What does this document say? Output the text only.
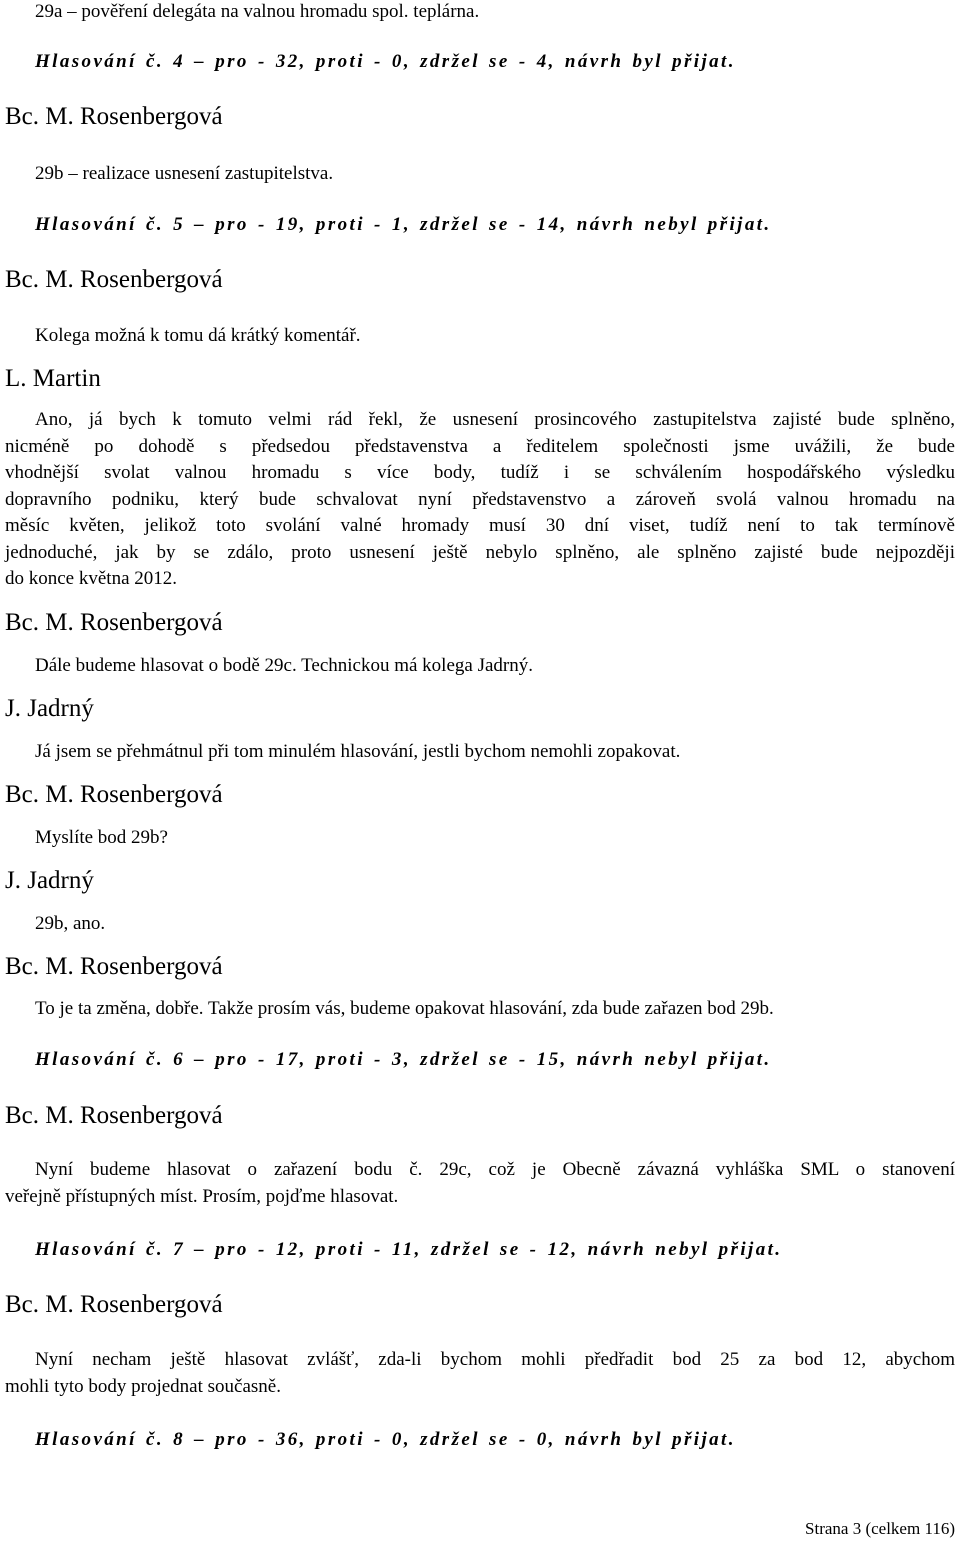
29a – pověření delegáta na valnou hromadu spol. teplárna.
Hlasování č. 4 – pro - 32, proti - 0, zdržel se - 4, návrh byl přijat.
Bc. M. Rosenbergová
29b – realizace usnesení zastupitelstva.
Hlasování č. 5 – pro - 19, proti - 1, zdržel se - 14, návrh nebyl přijat.
Bc. M. Rosenbergová
Kolega možná k tomu dá krátký komentář.
L. Martin

Ano, já bych k tomuto velmi rád řekl, že usnesení prosincového zastupitelstva zajisté bude splněno,

nicméně po dohodě s předsedou představenstva a ředitelem společnosti jsme uvážili, že bude

vhodnější svolat valnou hromadu s více body, tudíž i se schválením hospodářského výsledku

dopravního podniku, který bude schvalovat nyní představenstvo a zároveň svolá valnou hromadu na

měsíc květen, jelikož toto svolání valné hromady musí 30 dní viset, tudíž není to tak termínově

jednoduché, jak by se zdálo, proto usnesení ještě nebylo splněno, ale splněno zajisté bude nejpozději

do konce května 2012.

Bc. M. Rosenbergová
Dále budeme hlasovat o bodě 29c. Technickou má kolega Jadrný.
J. Jadrný
Já jsem se přehmátnul při tom minulém hlasování, jestli bychom nemohli zopakovat.
Bc. M. Rosenbergová
Myslíte bod 29b?
J. Jadrný
29b, ano.
Bc. M. Rosenbergová
To je ta změna, dobře. Takže prosím vás, budeme opakovat hlasování, zda bude zařazen bod 29b.
Hlasování č. 6 – pro - 17, proti - 3, zdržel se - 15, návrh nebyl přijat.
Bc. M. Rosenbergová

Nyní budeme hlasovat o zařazení bodu č. 29c, což je Obecně závazná vyhláška SML o stanovení

veřejně přístupných míst. Prosím, pojďme hlasovat.

Hlasování č. 7 – pro - 12, proti - 11, zdržel se - 12, návrh nebyl přijat.
Bc. M. Rosenbergová

Nyní necham ještě hlasovat zvlášť, zda-li bychom mohli předřadit bod 25 za bod 12, abychom

mohli tyto body projednat současně.

Hlasování č. 8 – pro - 36, proti - 0, zdržel se - 0, návrh byl přijat.
Strana 3 (celkem 116)
